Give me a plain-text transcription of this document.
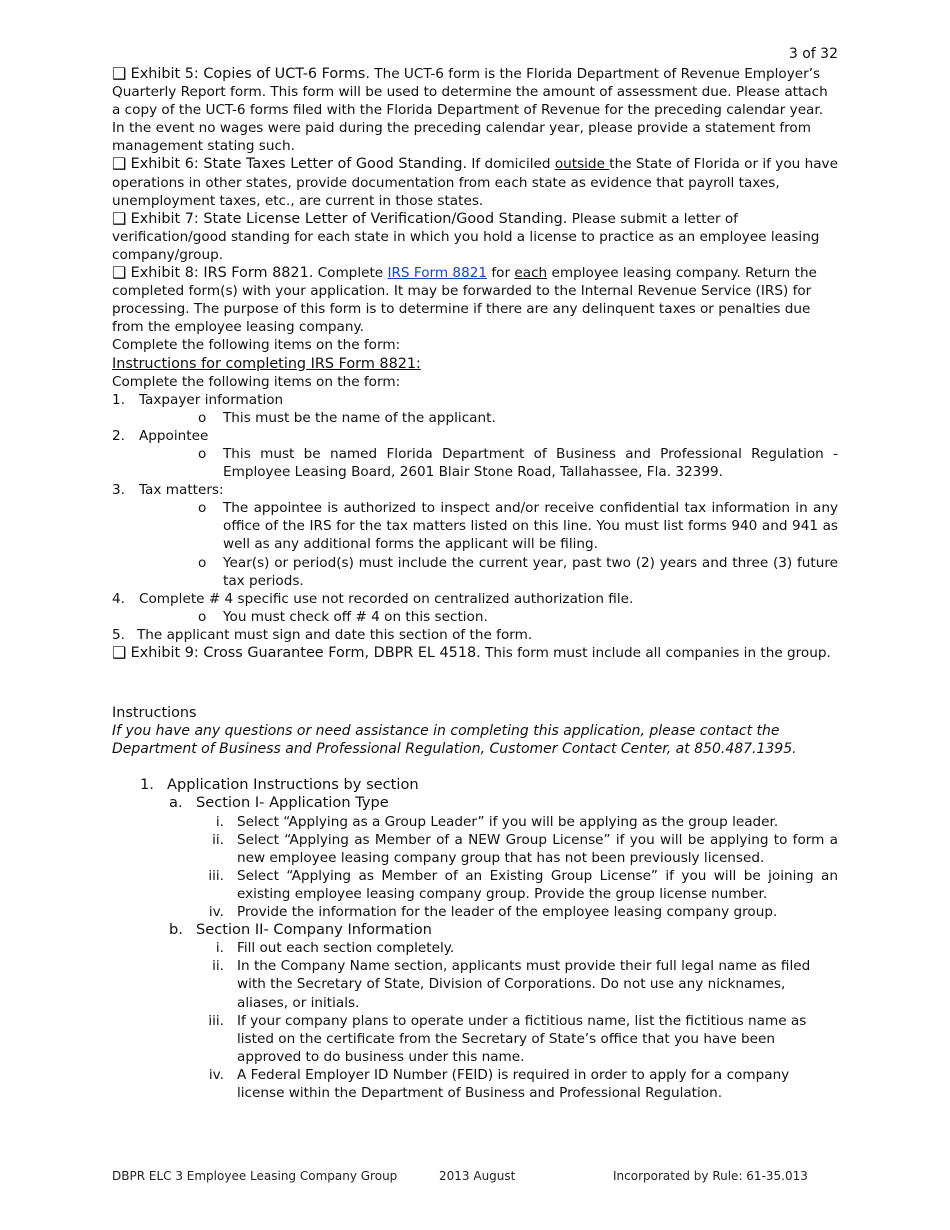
3 of 32

❑ Exhibit 5: Copies of UCT-6 Forms. The UCT-6 form is the Florida Department of Revenue Employer’s Quarterly Report form. This form will be used to determine the amount of assessment due. Please attach a copy of the UCT-6 forms filed with the Florida Department of Revenue for the preceding calendar year. In the event no wages were paid during the preceding calendar year, please provide a statement from management stating such.

❑ Exhibit 6: State Taxes Letter of Good Standing. If domiciled outside the State of Florida or if you have operations in other states, provide documentation from each state as evidence that payroll taxes, unemployment taxes, etc., are current in those states.

❑ Exhibit 7: State License Letter of Verification/Good Standing. Please submit a letter of verification/good standing for each state in which you hold a license to practice as an employee leasing company/group.

❑ Exhibit 8: IRS Form 8821. Complete IRS Form 8821 for each employee leasing company. Return the completed form(s) with your application. It may be forwarded to the Internal Revenue Service (IRS) for processing. The purpose of this form is to determine if there are any delinquent taxes or penalties due from the employee leasing company.

Complete the following items on the form:

Instructions for completing IRS Form 8821:

Complete the following items on the form:

1. Taxpayer information
o This must be the name of the applicant.
2. Appointee
o This must be named Florida Department of Business and Professional Regulation - Employee Leasing Board, 2601 Blair Stone Road, Tallahassee, Fla. 32399.
3. Tax matters:
o The appointee is authorized to inspect and/or receive confidential tax information in any office of the IRS for the tax matters listed on this line. You must list forms 940 and 941 as well as any additional forms the applicant will be filing.
o Year(s) or period(s) must include the current year, past two (2) years and three (3) future tax periods.
4. Complete # 4 specific use not recorded on centralized authorization file.
o You must check off # 4 on this section.
5. The applicant must sign and date this section of the form.

❑ Exhibit 9: Cross Guarantee Form, DBPR EL 4518. This form must include all companies in the group.

Instructions

If you have any questions or need assistance in completing this application, please contact the Department of Business and Professional Regulation, Customer Contact Center, at 850.487.1395.

1. Application Instructions by section
a. Section I- Application Type
i. Select “Applying as a Group Leader” if you will be applying as the group leader.
ii. Select “Applying as Member of a NEW Group License” if you will be applying to form a new employee leasing company group that has not been previously licensed.
iii. Select “Applying as Member of an Existing Group License” if you will be joining an existing employee leasing company group. Provide the group license number.
iv. Provide the information for the leader of the employee leasing company group.
b. Section II- Company Information
i. Fill out each section completely.
ii. In the Company Name section, applicants must provide their full legal name as filed with the Secretary of State, Division of Corporations. Do not use any nicknames, aliases, or initials.
iii. If your company plans to operate under a fictitious name, list the fictitious name as listed on the certificate from the Secretary of State’s office that you have been approved to do business under this name.
iv. A Federal Employer ID Number (FEID) is required in order to apply for a company license within the Department of Business and Professional Regulation.
DBPR ELC 3 Employee Leasing Company Group	2013 August	Incorporated by Rule: 61-35.013
